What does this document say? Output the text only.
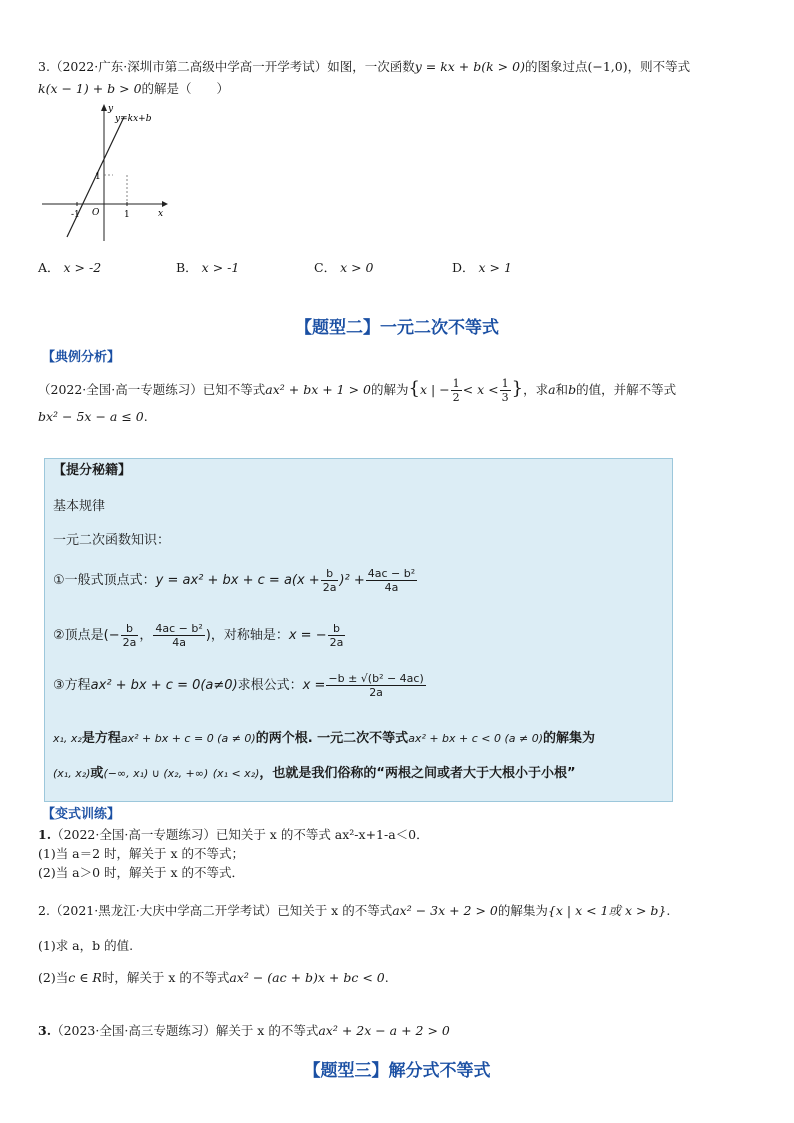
3.（2022·广东·深圳市第二高级中学高一开学考试）如图，一次函数y = kx + b(k > 0)的图象过点(−1,0)，则不等式
k(x − 1) + b > 0的解是（　　）
y=kx+b
y
x
O
-1	1
1
A． x > -2	B． x > -1	C． x > 0	D． x > 1
【题型二】一元二次不等式
【典例分析】
（2022·全国·高一专题练习）已知不等式ax² + bx + 1 > 0的解为{x | − $\frac{1}{2} < x < \frac{1}{3}$ }，求a和b的值，并解不等式
bx² − 5x − a ≤ 0.
【提分秘籍】
基本规律
一元二次函数知识：
①一般式顶点式：y = ax² + bx + $c = a(x + \frac{b}{2a} )^2 + \frac{\text{4ac − b²}}{4a}$
②顶点是(− $\frac{b}{2a}$ ， $\frac{\text{4ac − b²}}{4a}$ )，对称轴是：x = − $\frac{b}{2a}$
③方程ax² + bx + c = 0(a≠0)求根公式：$x = \frac{\text{−b ± √(b² − 4ac)}}{2a}$
x₁, x₂是方程ax² + bx + c = 0 (a ≠ 0)的两个根. 一元二次不等式ax² + bx + c < 0 (a ≠ 0)的解集为
(x₁, x₂)或(−∞, x₁) ∪ (x₂, +∞) (x₁ < x₂)，也就是我们俗称的“两根之间或者大于大根小于小根”
【变式训练】
1.（2022·全国·高一专题练习）已知关于 x 的不等式 ax²-x+1-a＜0．
(1)当 a＝2 时，解关于 x 的不等式；
(2)当 a＞0 时，解关于 x 的不等式．
2.（2021·黑龙江·大庆中学高二开学考试）已知关于 x 的不等式ax² − 3x + 2 > 0的解集为{x | x < 1或 x > b}.
(1)求 a，b 的值.
(2)当c ∈ R时，解关于 x 的不等式ax² − (ac + b)x + bc < 0.
3.（2023·全国·高三专题练习）解关于 x 的不等式ax² + 2x − a + 2 > 0
【题型三】解分式不等式
